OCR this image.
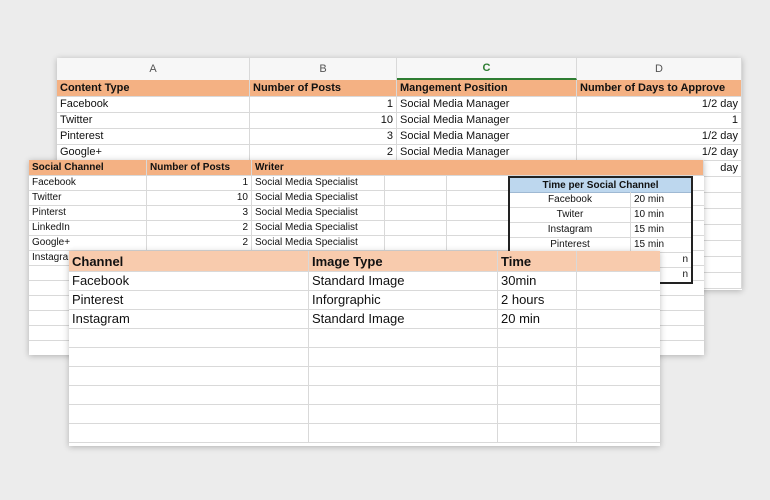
A	B	C	D
Content Type	Number of Posts	Mangement Position	Number of Days to Approve
Facebook	1 Social Media Manager	1/2 day
Twitter	10 Social Media Manager	1
Pinterest	3 Social Media Manager	1/2 day
Google+	2 Social Media Manager	1/2 day
day
Social Channel	Number of Posts	Writer
Facebook	1 Social Media Specialist
Twitter	10 Social Media Specialist
Pinterst	3 Social Media Specialist
LinkedIn	2 Social Media Specialist
Google+	2 Social Media Specialist
Instagra
Time per Social Channel
Facebook	20 min
Twiter	10 min
Instagram	15 min
Pinterest	15 min
n
n
Channel	Image Type	Time
Facebook	Standard Image	30min
Pinterest	Inforgraphic	2 hours
Instagram	Standard Image	20 min
